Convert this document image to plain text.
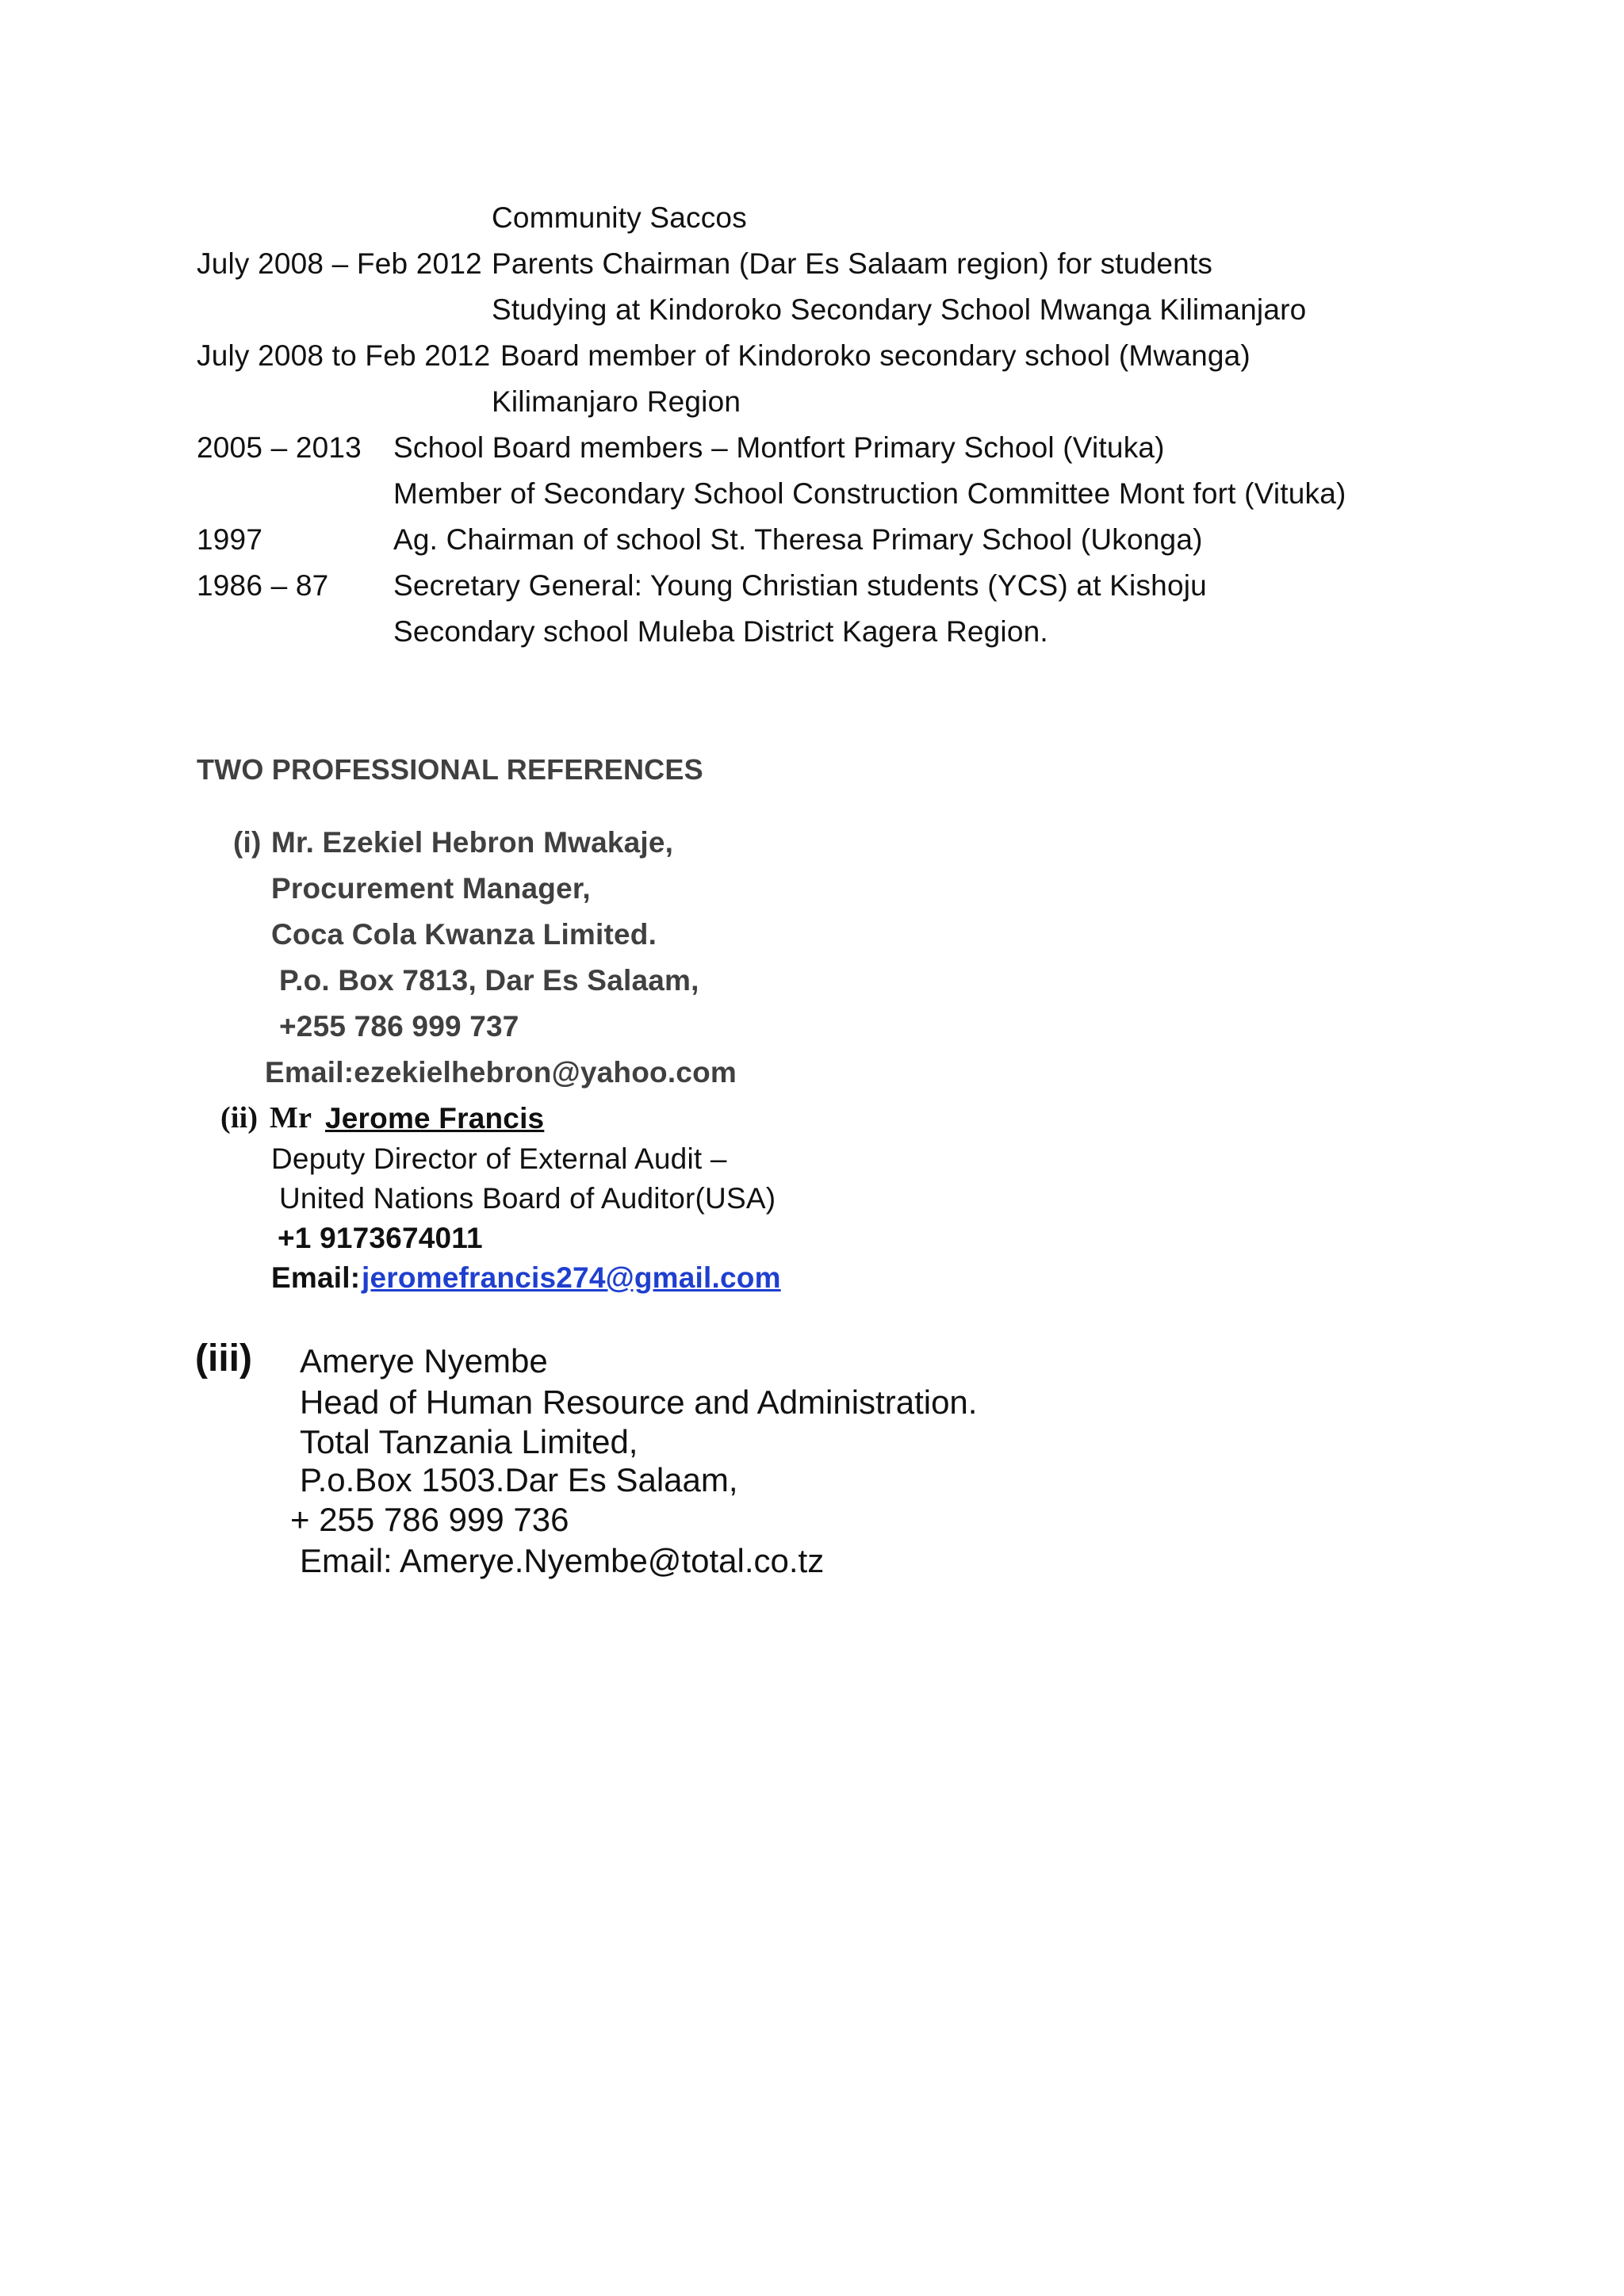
Community Saccos
July 2008 – Feb 2012 Parents Chairman (Dar Es Salaam region) for students
Studying at Kindoroko Secondary School Mwanga Kilimanjaro
July 2008 to Feb 2012 Board member of Kindoroko secondary school (Mwanga)
Kilimanjaro Region
2005 – 2013 School Board members – Montfort Primary School (Vituka)
Member of Secondary School Construction Committee Mont fort (Vituka)
1997	Ag. Chairman of school St. Theresa Primary School (Ukonga)
1986 – 87 Secretary General: Young Christian students (YCS) at Kishoju
Secondary school Muleba District Kagera Region.
TWO PROFESSIONAL REFERENCES
(i) Mr. Ezekiel Hebron Mwakaje,
Procurement Manager,
Coca Cola Kwanza Limited.
P.o. Box 7813, Dar Es Salaam,
+255 786 999 737
Email:ezekielhebron@yahoo.com
(ii) Mr Jerome Francis
Deputy Director of External Audit –
United Nations Board of Auditor(USA)
+1 9173674011
Email: jeromefrancis274@gmail.com
(iii) Amerye Nyembe
Head of Human Resource and Administration.
Total Tanzania Limited,
P.o.Box 1503.Dar Es Salaam,
+ 255 786 999 736
Email: Amerye.Nyembe@total.co.tz
